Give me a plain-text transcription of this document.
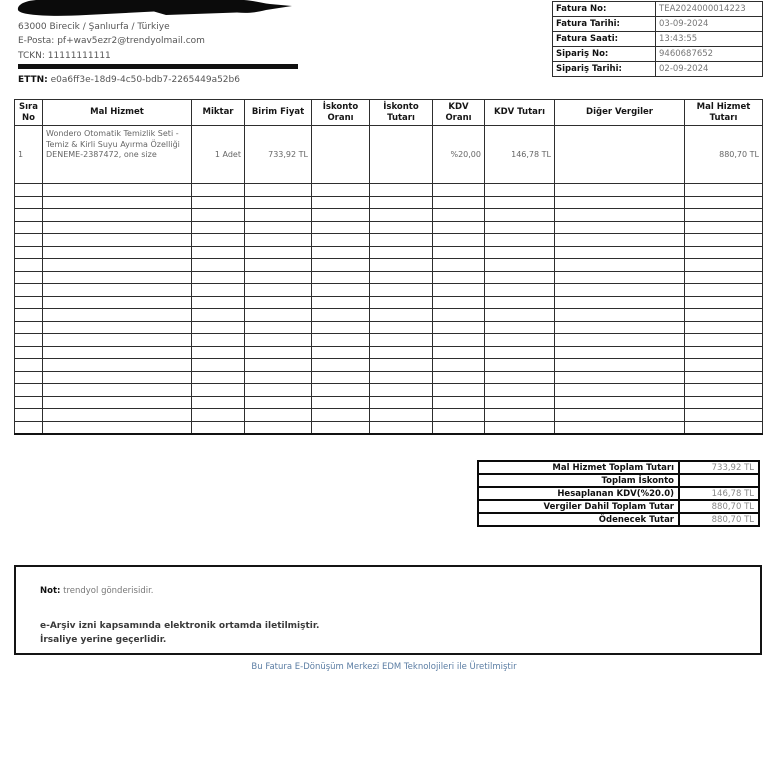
63000 Birecik / Şanlıurfa / Türkiye
E-Posta: pf+wav5ezr2@trendyolmail.com
TCKN: 11111111111
ETTN: e0a6ff3e-18d9-4c50-bdb7-2265449a52b6
Fatura No:	TEA2024000014223
Fatura Tarihi:	03-09-2024
Fatura Saati:	13:43:55
Sipariş No:	9460687652
Sipariş Tarihi:	02-09-2024
Sıra No	Mal Hizmet	Miktar	Birim Fiyat	İskonto Oranı	İskonto Tutarı	KDV Oranı	KDV Tutarı	Diğer Vergiler	Mal Hizmet Tutarı
1	Wondero Otomatik Temizlik Seti - Temiz & Kirli Suyu Ayırma Özelliği DENEME-2387472, one size	1 Adet	733,92 TL			%20,00	146,78 TL		880,70 TL

Mal Hizmet Toplam Tutarı	733,92 TL
Toplam İskonto	
Hesaplanan KDV(%20.0)	146,78 TL
Vergiler Dahil Toplam Tutar	880,70 TL
Ödenecek Tutar	880,70 TL
Not: trendyol gönderisidir.
e-Arşiv izni kapsamında elektronik ortamda iletilmiştir.
İrsaliye yerine geçerlidir.
Bu Fatura E-Dönüşüm Merkezi EDM Teknolojileri ile Üretilmiştir
